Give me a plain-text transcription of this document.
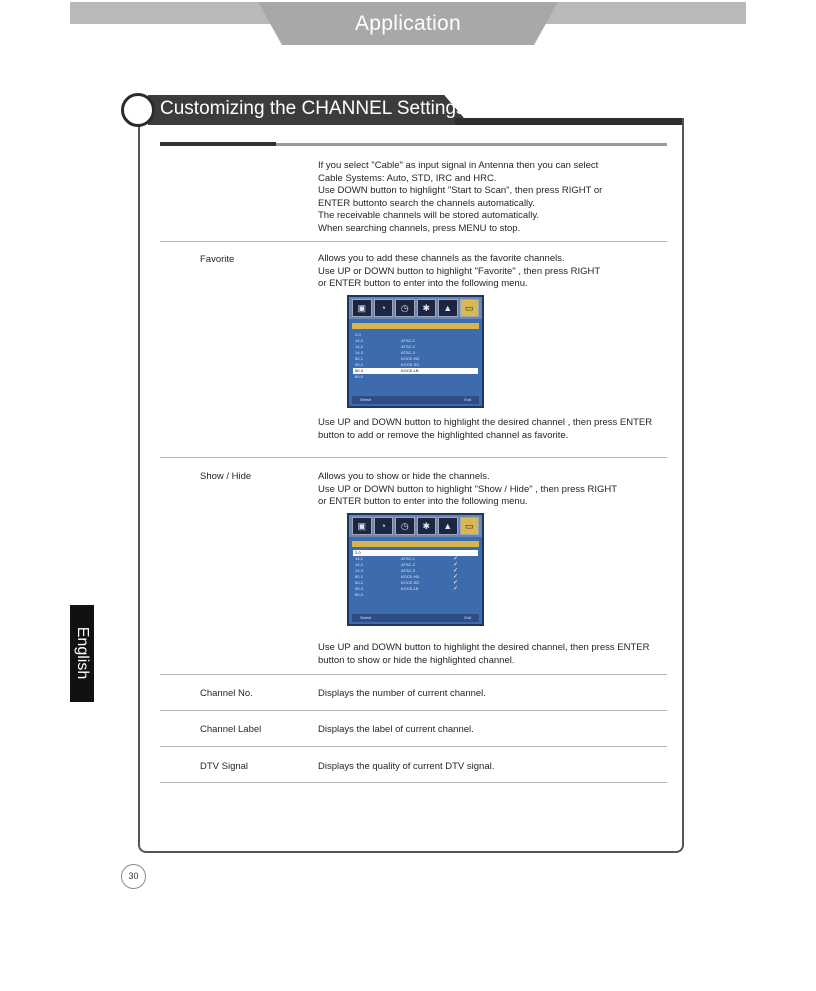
Application
Customizing the CHANNEL Settings
If you select "Cable" as input signal in Antenna then you can select
Cable Systems: Auto, STD, IRC and HRC.
Use DOWN button to highlight "Start to Scan", then press RIGHT or
ENTER buttonto search the channels automatically.
The receivable channels will be stored automatically.
When searching channels, press MENU to stop.
Favorite	Allows you to add these channels as the favorite channels.
Use UP or DOWN button to highlight "Favorite" , then press RIGHT
or ENTER button to enter into the following menu.
▣	◔	◷	✱	▲	▭
2-0
14-0	ATSC-1
14-2	ATSC-2
14-3	ATSC-3
50-1	KOCE-HD
50-2	KOCE-SD
50-3	KOCE-LB
60-0
Select	Exit
Use UP and DOWN button to highlight the desired channel , then press ENTER
button to add or remove the highlighted channel as favorite.
Show / Hide	Allows you to show or hide the channels.
Use UP or DOWN button to highlight "Show / Hide" , then press RIGHT
or ENTER button to enter into the following menu.
▣	◔	◷	✱	▲	▭
2-0	✓
14-1	ATSC-1	✓
14-2	ATSC-2	✓
14-3	ATSC-3	✓
50-1	KOCE-HD	✓
50-2	KOCE-SD	✓
50-3	KOCE-LB	✓
60-0
Select	Exit
Use UP and DOWN button to highlight the desired channel, then press ENTER
button to show or hide the highlighted channel.
Channel No.	Displays the number of current channel.
Channel Label	Displays the label of current channel.
DTV Signal	Displays the quality of current DTV signal.
English
30
